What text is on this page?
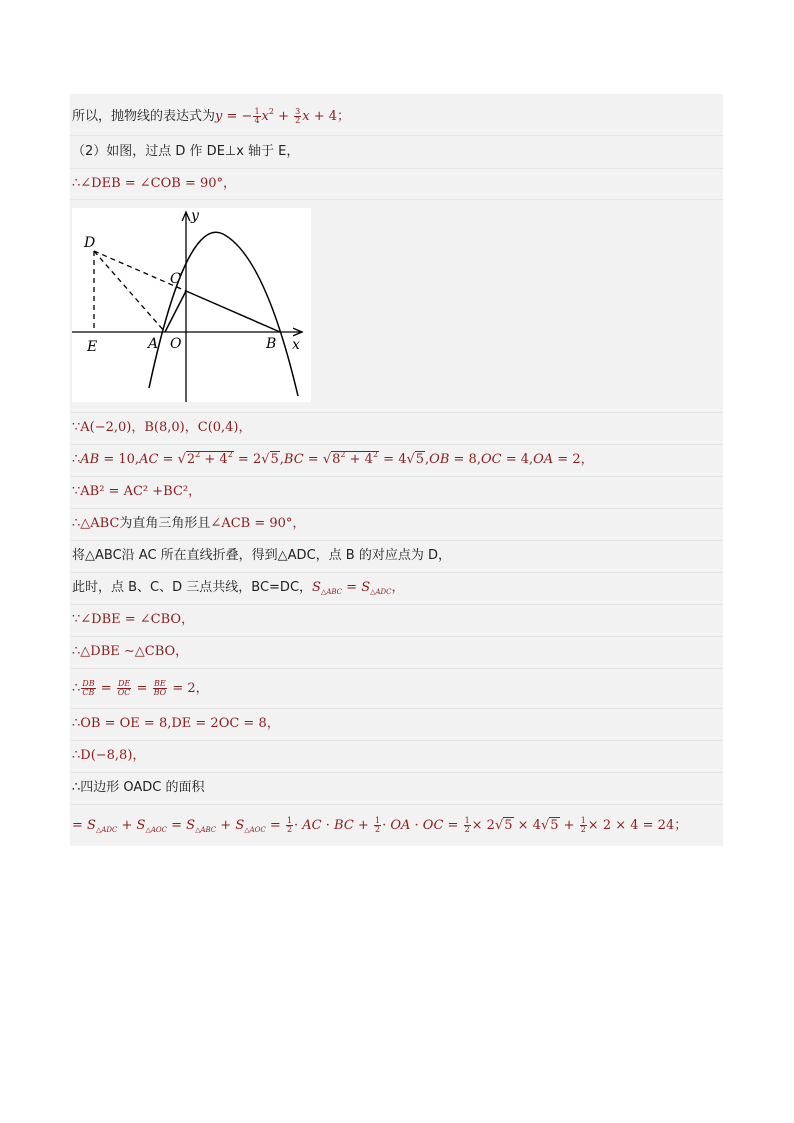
所以，抛物线的表达式为y = − $\frac{1}{4} x^2 + \frac{3}{2}$ x + 4；
（2）如图，过点 D 作 DE⊥x 轴于 E，
∴∠DEB = ∠COB = 90°，
y
x
D
C
E	A O	B
∵A(−2,0)，B(8,0)，C(0,4)，
∴AB = $10,AC = √2^2 + 4^2 = 2√5,BC = √8^2 + 4^2 = 4√5,OB = 8,OC = 4,OA = 2$，
∵AB² = AC² +BC²，
∴△ABC为直角三角形且∠ACB = 90°，
将△ABC沿 AC 所在直线折叠，得到△ADC，点 B 的对应点为 D，
此时，点 B、C、D 三点共线，BC=DC，$S_{\triangle ABC} = S_{\triangle ADC}$，
∵∠DBE = ∠CBO，
∴△DBE ∼△CBO，
∴ $\frac{DB}{CB} = \frac{DE}{OC} = \frac{BE}{BO} = 2$，
∴OB = OE = 8,DE = 2OC = 8，
∴D(−8,8)，
∴四边形 OADC 的面积
= $S_{\triangle ADC} + S_{\triangle AOC} = S_{\triangle ABC} + S_{\triangle AOC} = \frac{1}{2}$ · AC · BC + $\frac{1}{2}$ · OA · OC = $\frac{1}{2} \times 2√5 \times 4√5 + \frac{1}{2} \times 2 \times 4 = 24$；
